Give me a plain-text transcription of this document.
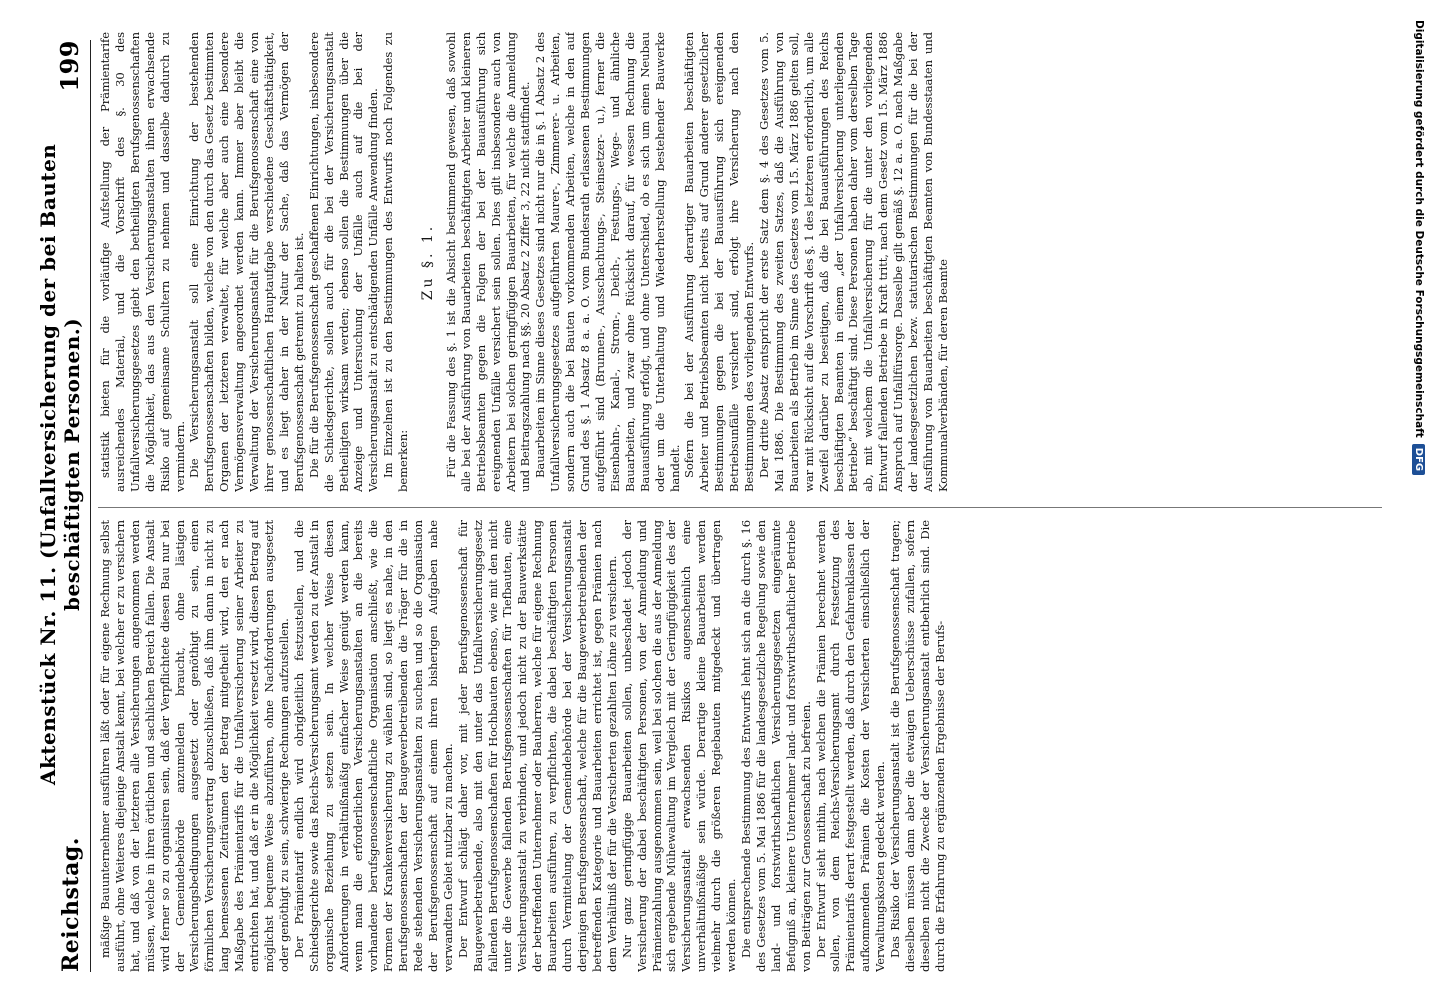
Reichstag.
Aktenstück Nr. 11. (Unfallversicherung der bei Bauten beschäftigten Personen.)
199

mäßige Bauunternehmer ausführen läßt oder für eigene Rechnung selbst ausführt, ohne Weiteres diejenige Anstalt kennt, bei welcher er zu versichern hat, und daß von der letzteren alle Versicherungen angenommen werden müssen, welche in ihren örtlichen und sachlichen Bereich fallen. Die Anstalt wird ferner so zu organisiren sein, daß der Verpflichtete diesen Bau nur bei der Gemeindebehörde anzumelden braucht, ohne lästigen Versicherungsbedingungen ausgesetzt oder genöthigt zu sein, einen förmlichen Versicherungsvertrag abzuschließen, daß ihm dann in nicht zu lang bemessenen Zeiträumen der Betrag mitgetheilt wird, den er nach Maßgabe des Prämientarifs für die Unfallversicherung seiner Arbeiter zu entrichten hat, und daß er in die Möglichkeit versetzt wird, diesen Betrag auf möglichst bequeme Weise abzuführen, ohne Nachforderungen ausgesetzt oder genöthigt zu sein, schwierige Rechnungen aufzustellen. Der Prämientarif endlich wird obrigkeitlich festzustellen, und die Schiedsgerichte sowie das Reichs-Versicherungsamt werden zu der Anstalt in organische Beziehung zu setzen sein. In welcher Weise diesen Anforderungen in verhältnißmäßig einfacher Weise genügt werden kann, wenn man die erforderlichen Versicherungsanstalten an die bereits vorhandene berufsgenossenschaftliche Organisation anschließt, wie die Formen der Krankenversicherung zu wählen sind, so liegt es nahe, in den Berufsgenossenschaften der Baugewerbetreibenden die Träger für die in Rede stehenden Versicherungsanstalten zu suchen und so die Organisation der Berufsgenossenschaft auf einem ihren bisherigen Aufgaben nahe verwandten Gebiet nutzbar zu machen. Der Entwurf schlägt daher vor, mit jeder Berufsgenossenschaft für Baugewerbetreibende, also mit den unter das Unfallversicherungsgesetz fallenden Berufsgenossenschaften für Hochbauten ebenso, wie mit den nicht unter die Gewerbe fallenden Berufsgenossenschaften für Tiefbauten, eine Versicherungsanstalt zu verbinden, und jedoch nicht zu der Bauwerkstätte der betreffenden Unternehmer oder Bauherren, welche für eigene Rechnung Bauarbeiten ausführen, zu verpflichten, die dabei beschäftigten Personen durch Vermittelung der Gemeindebehörde bei der Versicherungsanstalt derjenigen Berufsgenossenschaft, welche für die Baugewerbetreibenden der betreffenden Kategorie und Bauarbeiten errichtet ist, gegen Prämien nach dem Verhältniß der für die Versicherten gezahlten Löhne zu versichern. Nur ganz geringfügige Bauarbeiten sollen, unbeschadet jedoch der Versicherung der dabei beschäftigten Personen, von der Anmeldung und Prämienzahlung ausgenommen sein, weil bei solchen die aus der Anmeldung sich ergebende Mühewaltung im Vergleich mit der Geringfügigkeit des der Versicherungsanstalt erwachsenden Risikos augenscheinlich eine unverhältnißmäßige sein würde. Derartige kleine Bauarbeiten werden vielmehr durch die größeren Regiebauten mitgedeckt und übertragen werden können. Die entsprechende Bestimmung des Entwurfs lehnt sich an die durch §. 16 des Gesetzes vom 5. Mai 1886 für die landesgesetzliche Regelung sowie den land- und forstwirthschaftlichen Versicherungsgesetzen eingeräumte Befugniß an, kleinere Unternehmer land- und forstwirthschaftlicher Betriebe von Beiträgen zur Genossenschaft zu befreien. Der Entwurf sieht mithin, nach welchen die Prämien berechnet werden sollen, von dem Reichs-Versicherungsamt durch Festsetzung des Prämientarifs derart festgestellt werden, daß durch den Gefahrenklassen der aufkommenden Prämien die Kosten der Versicherten einschließlich der Verwaltungskosten gedeckt werden. Das Risiko der Versicherungsanstalt ist die Berufsgenossenschaft tragen; dieselben müssen dann aber die etwaigen Ueberschüsse zufallen, sofern dieselben nicht die Zwecke der Versicherungsanstalt entbehrlich sind. Die durch die Erfahrung zu ergänzenden Ergebnisse der Berufs-

statistik bieten für die vorläufige Aufstellung der Prämientarife ausreichendes Material, und die Vorschrift des §. 30 des Unfallversicherungsgesetzes giebt den betheiligten Berufsgenossenschaften die Möglichkeit, das aus den Versicherungsanstalten ihnen erwachsende Risiko auf gemeinsame Schultern zu nehmen und dasselbe dadurch zu vermindern. Die Versicherungsanstalt soll eine Einrichtung der bestehenden Berufsgenossenschaften bilden, welche von den durch das Gesetz bestimmten Organen der letzteren verwaltet, für welche aber auch eine besondere Vermögensverwaltung angeordnet werden kann. Immer aber bleibt die Verwaltung der Versicherungsanstalt für die Berufsgenossenschaft eine von ihrer genossenschaftlichen Hauptaufgabe verschiedene Geschäftsthätigkeit, und es liegt daher in der Natur der Sache, daß das Vermögen der Berufsgenossenschaft getrennt zu halten ist. Die für die Berufsgenossenschaft geschaffenen Einrichtungen, insbesondere die Schiedsgerichte, sollen auch für die bei der Versicherungsanstalt Betheiligten wirksam werden; ebenso sollen die Bestimmungen über die Anzeige und Untersuchung der Unfälle auch auf die bei der Versicherungsanstalt zu entschädigenden Unfälle Anwendung finden. Im Einzelnen ist zu den Bestimmungen des Entwurfs noch Folgendes zu bemerken:

Zu §. 1. Für die Fassung des §. 1 ist die Absicht bestimmend gewesen, daß sowohl alle bei der Ausführung von Bauarbeiten beschäftigten Arbeiter und kleineren Betriebsbeamten gegen die Folgen der bei der Bauausführung sich ereignenden Unfälle versichert sein sollen. Dies gilt insbesondere auch von Arbeitern bei solchen geringfügigen Bauarbeiten, für welche die Anmeldung und Beitragszahlung nach §§. 20 Absatz 2 Ziffer 3, 22 nicht stattfindet. Bauarbeiten im Sinne dieses Gesetzes sind nicht nur die in §. 1 Absatz 2 des Unfallversicherungsgesetzes aufgeführten Maurer-, Zimmerer- u. Arbeiten, sondern auch die bei Bauten vorkommenden Arbeiten, welche in den auf Grund des §. 1 Absatz 8 a. a. O. vom Bundesrath erlassenen Bestimmungen aufgeführt sind (Brunnen-, Ausschachtungs-, Steinsetzer- u.), ferner die Eisenbahn-, Kanal-, Strom-, Deich-, Festungs-, Wege- und ähnliche Bauarbeiten, und zwar ohne Rücksicht darauf, für wessen Rechnung die Bauausführung erfolgt, und ohne Unterschied, ob es sich um einen Neubau oder um die Unterhaltung und Wiederherstellung bestehender Bauwerke handelt. Sofern die bei der Ausführung derartiger Bauarbeiten beschäftigten Arbeiter und Betriebsbeamten nicht bereits auf Grund anderer gesetzlicher Bestimmungen gegen die bei der Bauausführung sich ereignenden Betriebsunfälle versichert sind, erfolgt ihre Versicherung nach den Bestimmungen des vorliegenden Entwurfs. Der dritte Absatz entspricht der erste Satz dem §. 4 des Gesetzes vom 5. Mai 1886. Die Bestimmung des zweiten Satzes, daß die Ausführung von Bauarbeiten als Betrieb im Sinne des Gesetzes vom 15. März 1886 gelten soll, war mit Rücksicht auf die Vorschrift des §. 1 des letzteren erforderlich, um alle Zweifel darüber zu beseitigen, daß die bei Bauausführungen des Reichs beschäftigten Beamten in einem „der Unfallversicherung unterliegenden Betriebe“ beschäftigt sind. Diese Personen haben daher vom derselben Tage ab, mit welchem die Unfallversicherung für die unter den vorliegenden Entwurf fallenden Betriebe in Kraft tritt, nach dem Gesetz vom 15. März 1886 Anspruch auf Unfallfürsorge. Dasselbe gilt gemäß §. 12 a. a. O. nach Maßgabe der landesgesetzlichen bezw. statutarischen Bestimmungen für die bei der Ausführung von Bauarbeiten beschäftigten Beamten von Bundesstaaten und Kommunalverbänden, für deren Beamte	Digitalisierung gefördert durch die Deutsche Forschungsgemeinschaft
DFG
